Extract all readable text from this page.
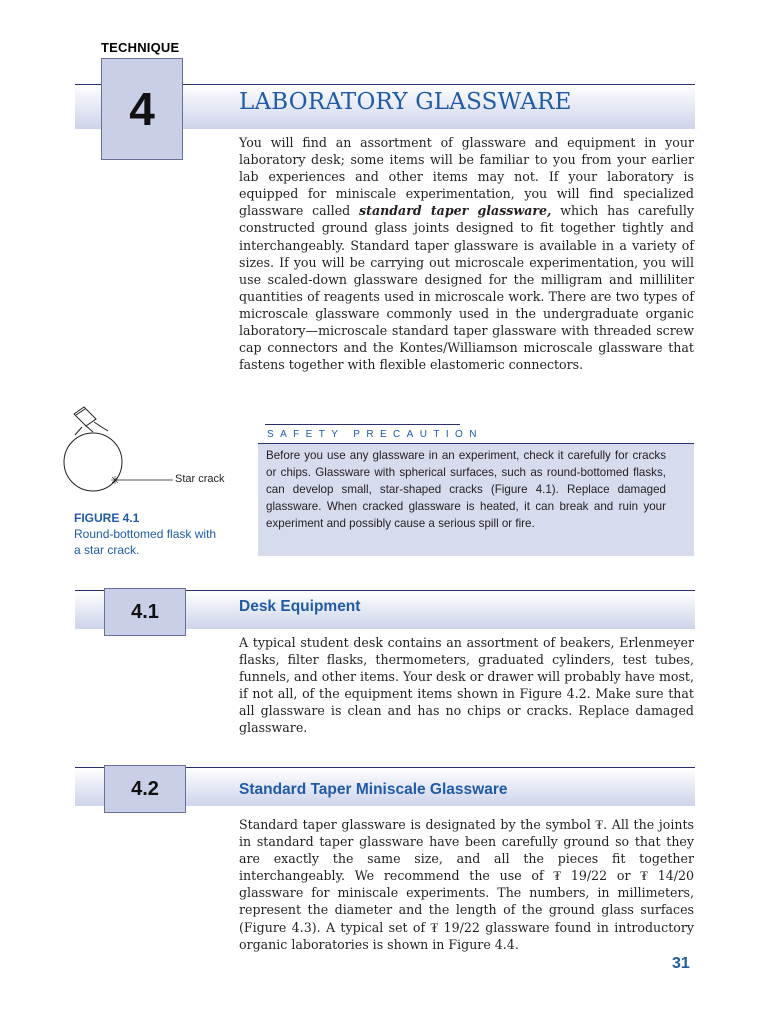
TECHNIQUE
4	LABORATORY GLASSWARE

You will find an assortment of glassware and equipment in your laboratory desk; some items will be familiar to you from your earlier lab experiences and other items may not. If your laboratory is equipped for miniscale experimentation, you will find specialized glassware called standard taper glassware, which has carefully constructed ground glass joints designed to fit together tightly and interchangeably. Standard taper glassware is available in a variety of sizes. If you will be carrying out microscale experimentation, you will use scaled-down glassware designed for the milligram and milliliter quantities of reagents used in microscale work. There are two types of microscale glassware commonly used in the undergraduate organic laboratory—microscale standard taper glassware with threaded screw cap connectors and the Kontes/Williamson microscale glassware that fastens together with flexible elastomeric connectors.

Star crack
FIGURE 4.1
Round-bottomed flask with a star crack.
SAFETY PRECAUTION

Before you use any glassware in an experiment, check it carefully for cracks or chips. Glassware with spherical surfaces, such as round-bottomed flasks, can develop small, star-shaped cracks (Figure 4.1). Replace damaged glassware. When cracked glassware is heated, it can break and ruin your experiment and possibly cause a serious spill or fire.

4.1	Desk Equipment

A typical student desk contains an assortment of beakers, Erlenmeyer flasks, filter flasks, thermometers, graduated cylinders, test tubes, funnels, and other items. Your desk or drawer will probably have most, if not all, of the equipment items shown in Figure 4.2. Make sure that all glassware is clean and has no chips or cracks. Replace damaged glassware.

4.2	Standard Taper Miniscale Glassware

Standard taper glassware is designated by the symbol ₮. All the joints in standard taper glassware have been carefully ground so that they are exactly the same size, and all the pieces fit together interchangeably. We recommend the use of ₮ 19/22 or ₮ 14/20 glassware for miniscale experiments. The numbers, in millimeters, represent the diameter and the length of the ground glass surfaces (Figure 4.3). A typical set of ₮ 19/22 glassware found in introductory organic laboratories is shown in Figure 4.4.

31
